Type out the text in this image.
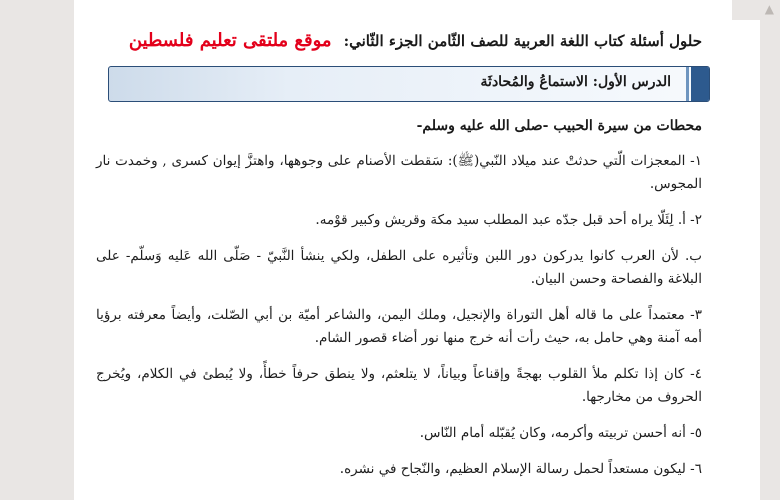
حلول أسئلة كتاب اللغة العربية للصف الثّامن الجزء الثّاني:
موقع ملتقى تعليم فلسطين
الدرس الأول: الاستماعُ والمُحادثَة

محطات من سيرة الحبيب -صلى الله عليه وسلم-

١- المعجزات الّتي حدثتْ عند ميلاد النّبي(ﷺ): سَقطت الأصنام على وجوهها، واهتزَّ إيوان كسرى , وخمدت نار المجوس.

٢- أ. لِئَلّا يراه أحد قبل جدّه عبد المطلب سيد مكة وقريش وكبير قوْمه.

ب. لأن العرب كانوا يدركون دور اللبن وتأثيره على الطفل، ولكي ينشأ النَّبيّ - صَلّى الله عَليه وَسلّم- على البلاغة والفصاحة وحسن البيان.

٣- معتمداً على ما قاله أهل التوراة والإنجيل، وملك اليمن، والشاعر أميّة بن أبي الصّلت، وأيضاً معرفته برؤيا أمه آمنة وهي حامل به، حيث رأت أنه خرج منها نور أضاء قصور الشام.

٤- كان إذا تكلم ملأ القلوب بهجةً وإقناعاً وبياناً، لا يتلعثم، ولا ينطق حرفاً خطأً، ولا يُبطئ في الكلام، ويُخرج الحروف من مخارجها.

٥- أنه أحسن تربيته وأكرمه، وكان يُقبّله أمام النّاس.

٦- ليكون مستعداً لحمل رسالة الإسلام العظيم، والنّجاح في نشره.

▲
